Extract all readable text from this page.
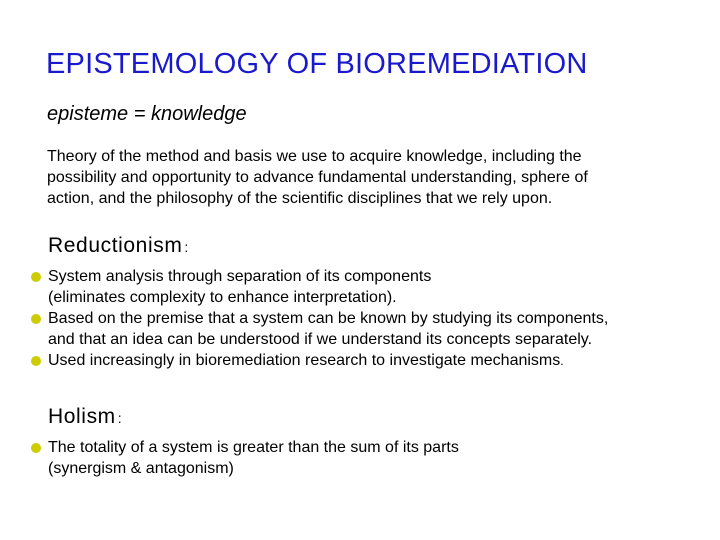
EPISTEMOLOGY OF BIOREMEDIATION
episteme = knowledge
Theory of the method and basis we use to acquire knowledge, including the
possibility and opportunity to advance fundamental understanding, sphere of
action, and the philosophy of the scientific disciplines that we rely upon.
Reductionism :
System analysis through separation of its components
(eliminates complexity to enhance interpretation).
Based on the premise that a system can be known by studying its components,
and that an idea can be understood if we understand its concepts separately.
Used increasingly in bioremediation research to investigate mechanisms.
Holism :
The totality of a system is greater than the sum of its parts
(synergism & antagonism)
